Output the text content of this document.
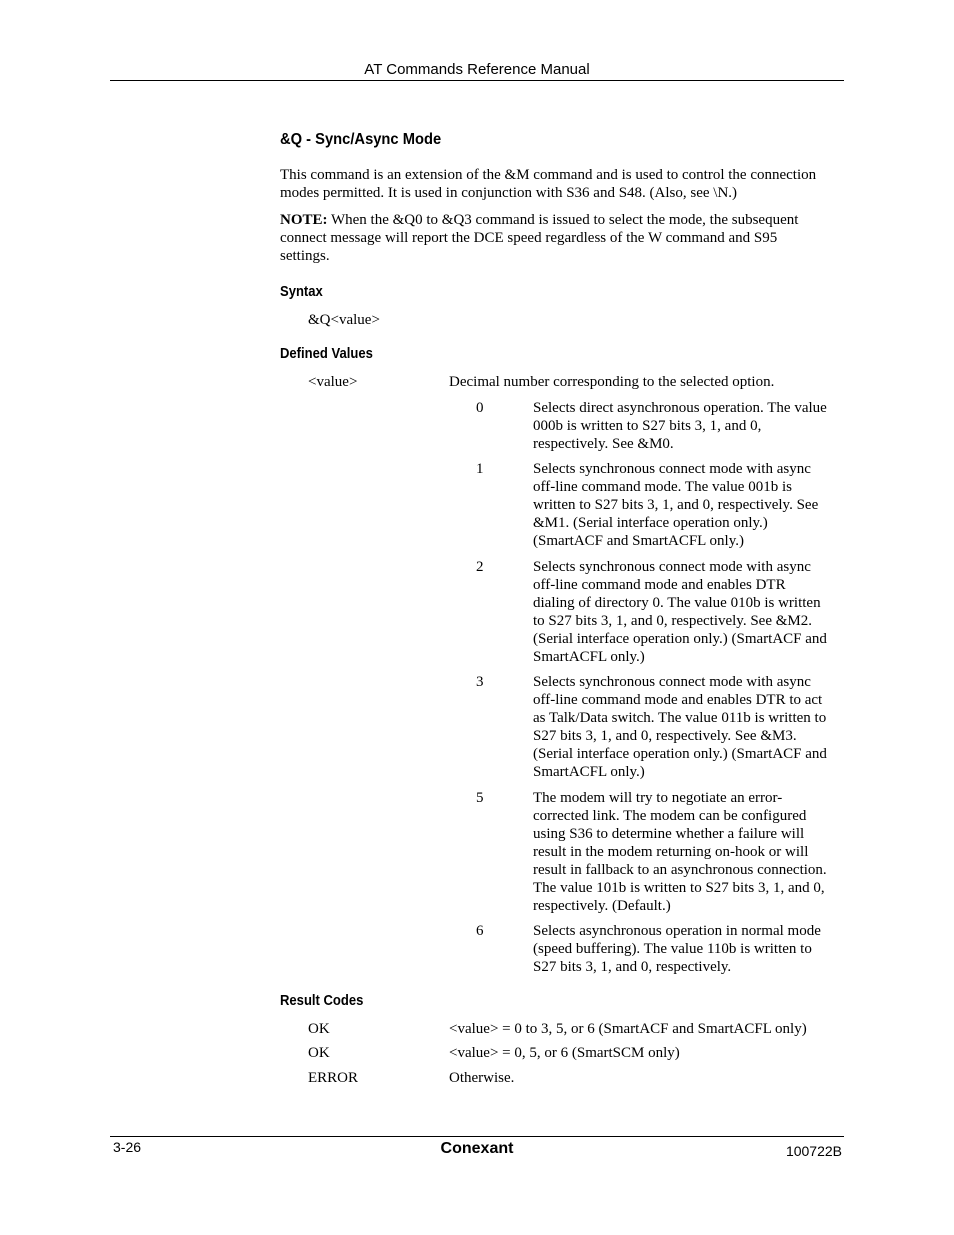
AT Commands Reference Manual
&Q - Sync/Async Mode
This command is an extension of the &M command and is used to control the connection
modes permitted. It is used in conjunction with S36 and S48. (Also, see \N.)
NOTE: When the &Q0 to &Q3 command is issued to select the mode, the subsequent
connect message will report the DCE speed regardless of the W command and S95
settings.
Syntax
&Q<value>
Defined Values
<value>	Decimal number corresponding to the selected option.
0	Selects direct asynchronous operation. The value
000b is written to S27 bits 3, 1, and 0,
respectively. See &M0.
1	Selects synchronous connect mode with async
off-line command mode. The value 001b is
written to S27 bits 3, 1, and 0, respectively. See
&M1. (Serial interface operation only.)
(SmartACF and SmartACFL only.)
2	Selects synchronous connect mode with async
off-line command mode and enables DTR
dialing of directory 0. The value 010b is written
to S27 bits 3, 1, and 0, respectively. See &M2.
(Serial interface operation only.) (SmartACF and
SmartACFL only.)
3	Selects synchronous connect mode with async
off-line command mode and enables DTR to act
as Talk/Data switch. The value 011b is written to
S27 bits 3, 1, and 0, respectively. See &M3.
(Serial interface operation only.) (SmartACF and
SmartACFL only.)
5	The modem will try to negotiate an error-
corrected link. The modem can be configured
using S36 to determine whether a failure will
result in the modem returning on-hook or will
result in fallback to an asynchronous connection.
The value 101b is written to S27 bits 3, 1, and 0,
respectively. (Default.)
6	Selects asynchronous operation in normal mode
(speed buffering). The value 110b is written to
S27 bits 3, 1, and 0, respectively.
Result Codes
OK	<value> = 0 to 3, 5, or 6 (SmartACF and SmartACFL only)
OK	<value> = 0, 5, or 6 (SmartSCM only)
ERROR	Otherwise.
3-26	Conexant	100722B
